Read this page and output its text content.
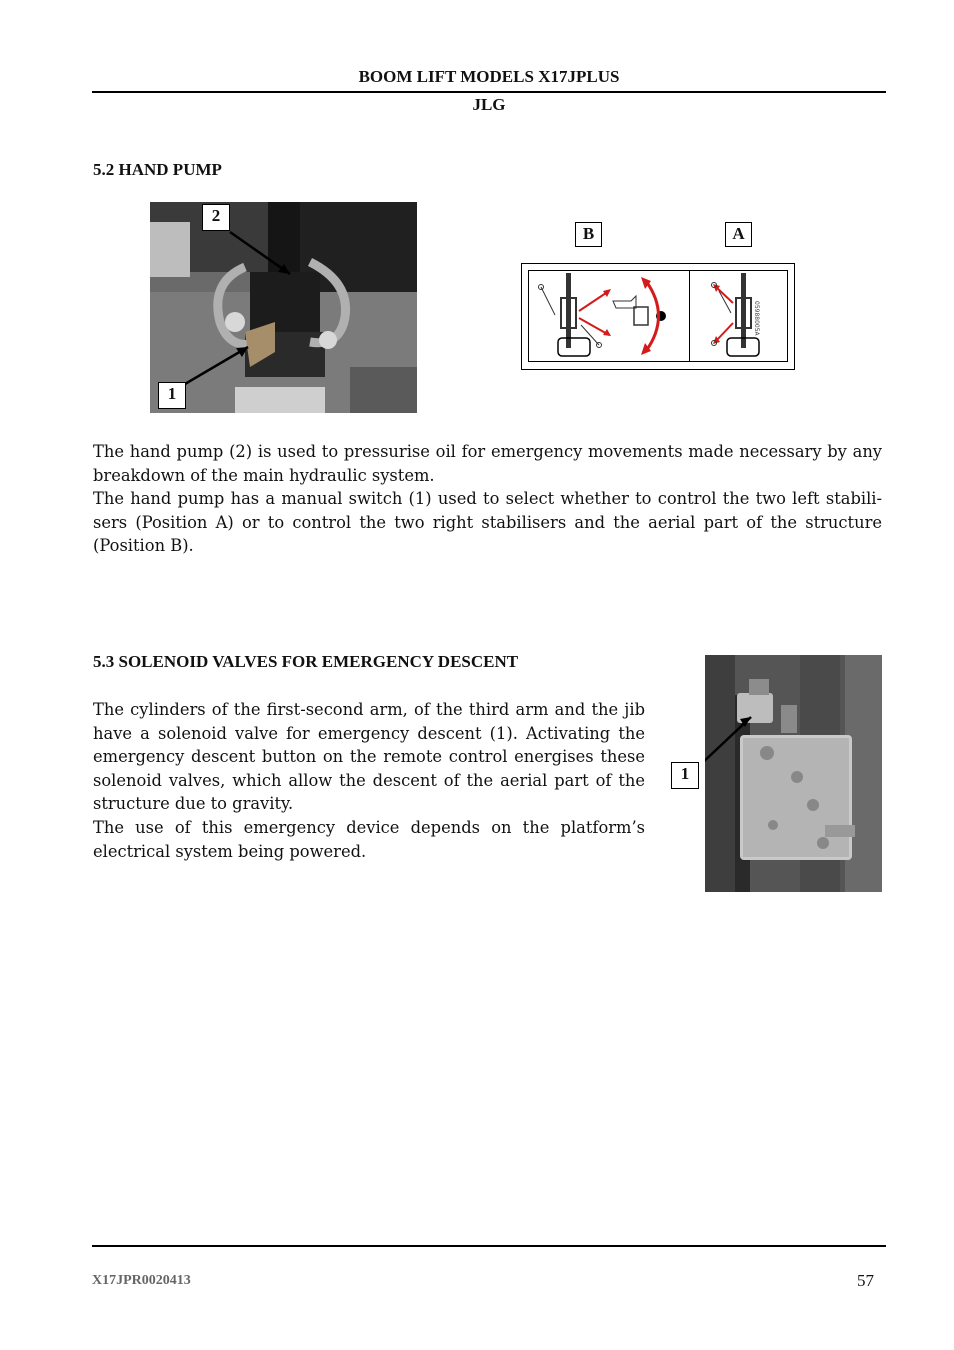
BOOM LIFT MODELS X17JPLUS
JLG
5.2 HAND PUMP
2
1
B	A
05988005A

The hand pump (2) is used to pressurise oil for emergency movements made necessary by any breakdown of the main hydraulic system.

The hand pump has a manual switch (1) used to select whether to control the two left stabili-sers (Position A) or to control the two right stabilisers and the aerial part of the structure (Position B).

5.3 SOLENOID VALVES FOR EMERGENCY DESCENT

The cylinders of the first-second arm, of the third arm and the jib have a solenoid valve for emergency descent (1). Activating the emergency descent button on the remote control energises these solenoid valves, which allow the descent of the aerial part of the structure due to gravity.

The use of this emergency device depends on the platform’s electrical system being powered.

1
X17JPR0020413	57
